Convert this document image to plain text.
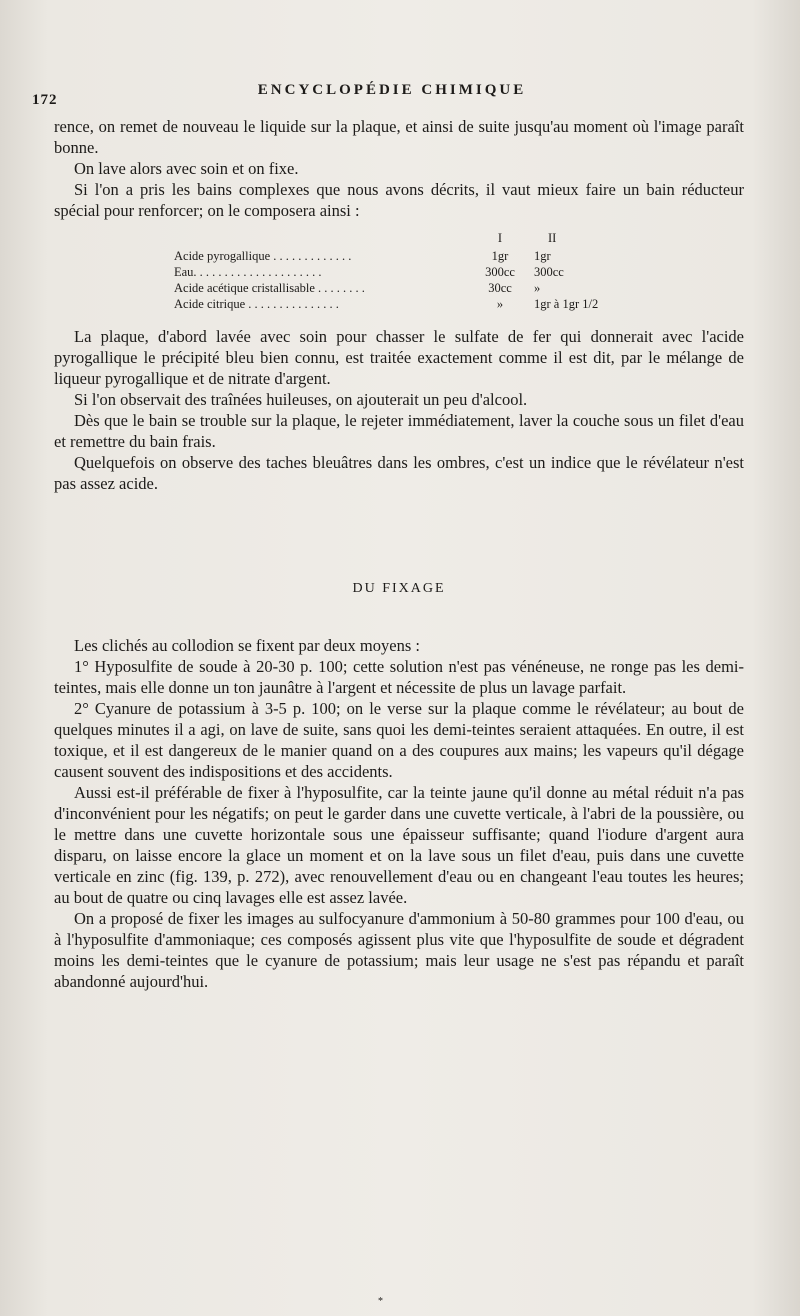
172
ENCYCLOPÉDIE CHIMIQUE

rence, on remet de nouveau le liquide sur la plaque, et ainsi de suite jusqu'au moment où l'image paraît bonne.

On lave alors avec soin et on fixe.

Si l'on a pris les bains complexes que nous avons décrits, il vaut mieux faire un bain réducteur spécial pour renforcer; on le composera ainsi :

	I	II
Acide pyrogallique . . . . . . . . . . . . .	1gr	1gr
Eau. . . . . . . . . . . . . . . . . . . . .	300cc	300cc
Acide acétique cristallisable . . . . . . . .	30cc	»
Acide citrique . . . . . . . . . . . . . . .	»	1gr à 1gr 1/2

La plaque, d'abord lavée avec soin pour chasser le sulfate de fer qui donnerait avec l'acide pyrogallique le précipité bleu bien connu, est traitée exactement comme il est dit, par le mélange de liqueur pyrogallique et de nitrate d'argent.

Si l'on observait des traînées huileuses, on ajouterait un peu d'alcool.

Dès que le bain se trouble sur la plaque, le rejeter immédiatement, laver la couche sous un filet d'eau et remettre du bain frais.

Quelquefois on observe des taches bleuâtres dans les ombres, c'est un indice que le révélateur n'est pas assez acide.

DU FIXAGE

Les clichés au collodion se fixent par deux moyens :

1° Hyposulfite de soude à 20-30 p. 100; cette solution n'est pas vénéneuse, ne ronge pas les demi-teintes, mais elle donne un ton jaunâtre à l'argent et nécessite de plus un lavage parfait.

2° Cyanure de potassium à 3-5 p. 100; on le verse sur la plaque comme le révélateur; au bout de quelques minutes il a agi, on lave de suite, sans quoi les demi-teintes seraient attaquées. En outre, il est toxique, et il est dangereux de le manier quand on a des coupures aux mains; les vapeurs qu'il dégage causent souvent des indispositions et des accidents.

Aussi est-il préférable de fixer à l'hyposulfite, car la teinte jaune qu'il donne au métal réduit n'a pas d'inconvénient pour les négatifs; on peut le garder dans une cuvette verticale, à l'abri de la poussière, ou le mettre dans une cuvette horizontale sous une épaisseur suffisante; quand l'iodure d'argent aura disparu, on laisse encore la glace un moment et on la lave sous un filet d'eau, puis dans une cuvette verticale en zinc (fig. 139, p. 272), avec renouvellement d'eau ou en changeant l'eau toutes les heures; au bout de quatre ou cinq lavages elle est assez lavée.

On a proposé de fixer les images au sulfocyanure d'ammonium à 50-80 grammes pour 100 d'eau, ou à l'hyposulfite d'ammoniaque; ces composés agissent plus vite que l'hyposulfite de soude et dégradent moins les demi-teintes que le cyanure de potassium; mais leur usage ne s'est pas répandu et paraît abandonné aujourd'hui.

*
